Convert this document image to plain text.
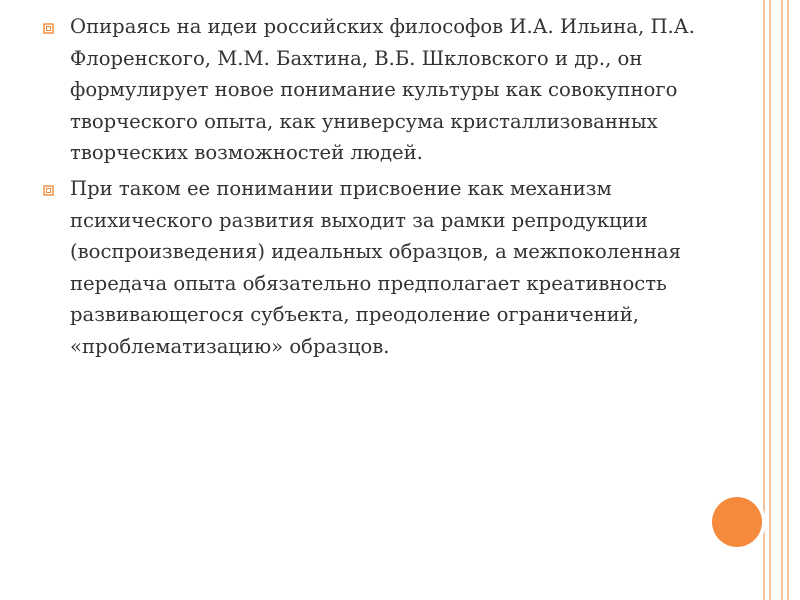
Опираясь на идеи российских философов И.А. Ильина, П.А. Флоренского, М.М. Бахтина, В.Б. Шкловского и др., он формулирует новое понимание культуры как совокупного творческого опыта, как универсума кристаллизованных творческих возможностей людей.
При таком ее понимании присвоение как механизм психического развития выходит за рамки репродукции (воспроизведения) идеальных образцов, а межпоколенная передача опыта обязательно предполагает креативность развивающегося субъекта, преодоление ограничений, «проблематизацию» образцов.
